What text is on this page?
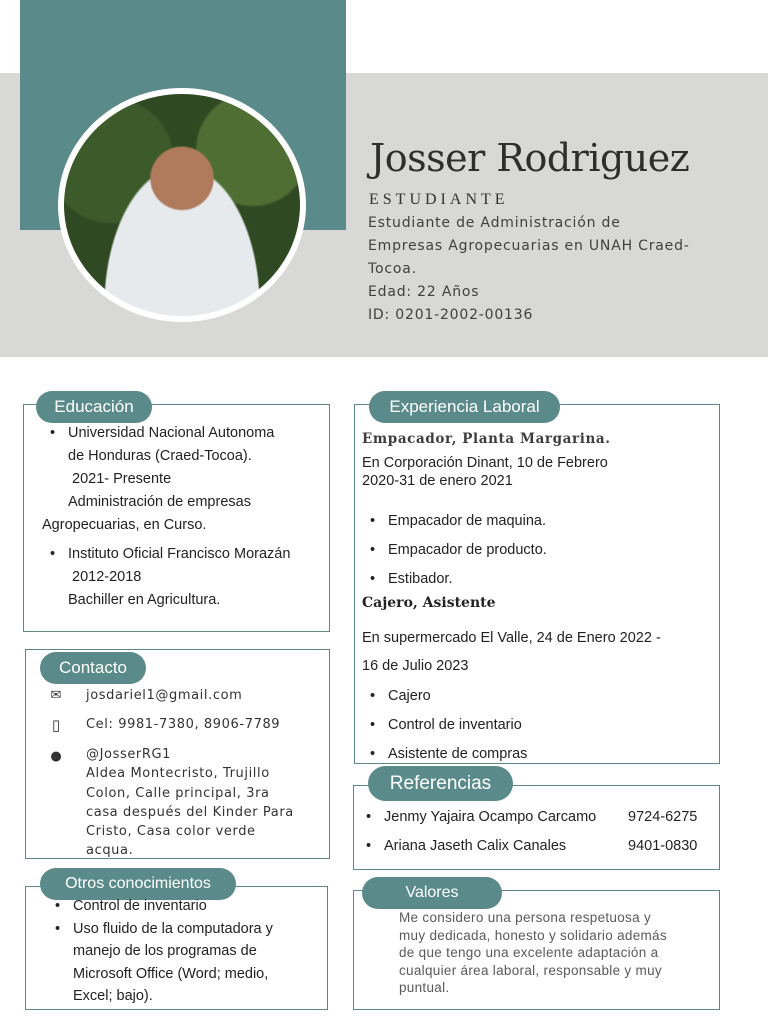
Josser Rodriguez
ESTUDIANTE
Estudiante de Administración de
Empresas Agropecuarias en UNAH Craed-
Tocoa.
Edad: 22 Años
ID: 0201-2002-00136
Educación
• Universidad Nacional Autonoma
de Honduras (Craed-Tocoa).
2021- Presente
Administración de empresas
Agropecuarias, en Curso.
• Instituto Oficial Francisco Morazán
2012-2018
Bachiller en Agricultura.
Contacto
✉ josdariel1@gmail.com
▯ Cel: 9981-7380, 8906-7789
● @JosserRG1
Aldea Montecristo, Trujillo
Colon, Calle principal, 3ra
casa después del Kinder Para
Cristo, Casa color verde
acqua.
Otros conocimientos
• Control de inventario
• Uso fluido de la computadora y
manejo de los programas de
Microsoft Office (Word; medio,
Excel; bajo).
Experiencia Laboral
Empacador, Planta Margarina.
En Corporación Dinant, 10 de Febrero
2020-31 de enero 2021
• Empacador de maquina.
• Empacador de producto.
• Estibador.
Cajero, Asistente
En supermercado El Valle, 24 de Enero 2022 -
16 de Julio 2023
• Cajero
• Control de inventario
• Asistente de compras
Referencias
• Jenmy Yajaira Ocampo Carcamo 9724-6275
• Ariana Jaseth Calix Canales	9401-0830
Valores
Me considero una persona respetuosa y
muy dedicada, honesto y solidario además
de que tengo una excelente adaptación a
cualquier área laboral, responsable y muy
puntual.
